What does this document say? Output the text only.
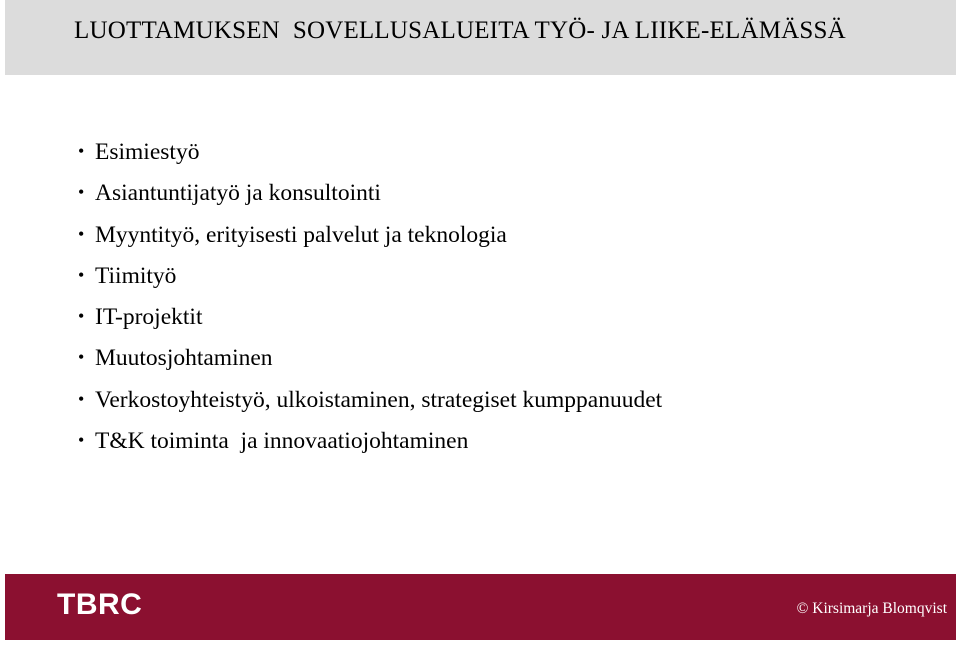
LUOTTAMUKSEN  SOVELLUSALUEITA TYÖ- JA LIIKE-ELÄMÄSSÄ
• Esimiestyö
• Asiantuntijatyö ja konsultointi
• Myyntityö, erityisesti palvelut ja teknologia
• Tiimityö
• IT-projektit
• Muutosjohtaminen
• Verkostoyhteistyö, ulkoistaminen, strategiset kumppanuudet
• T&K toiminta  ja innovaatiojohtaminen
TBRC	© Kirsimarja Blomqvist
